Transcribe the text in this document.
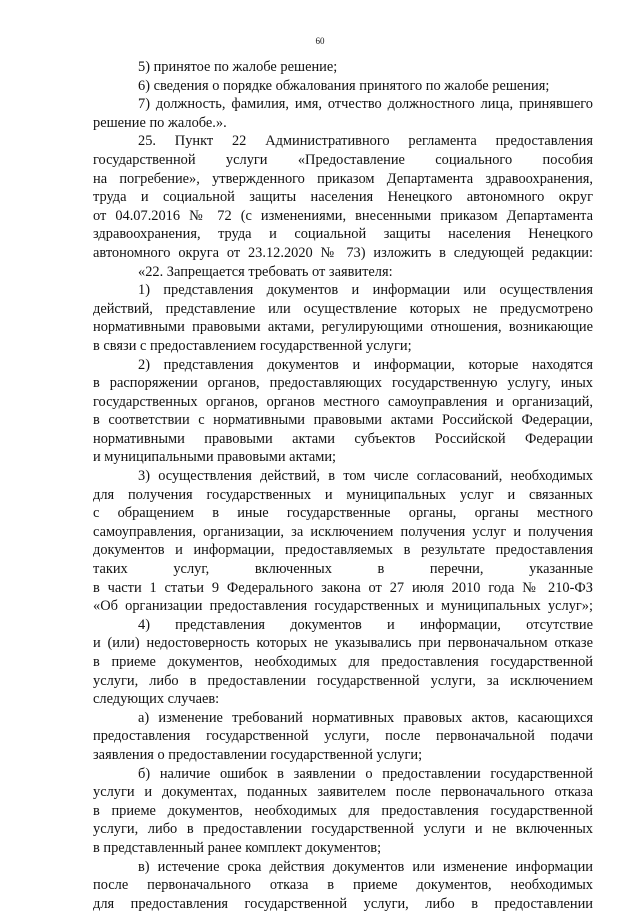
60
5) принятое по жалобе решение;
6) сведения о порядке обжалования принятого по жалобе решения;
7) должность, фамилия, имя, отчество должностного лица, принявшего
решение по жалобе.».
25. Пункт 22 Административного регламента предоставления
государственной услуги «Предоставление социального пособия
на погребение», утвержденного приказом Департамента здравоохранения,
труда и социальной защиты населения Ненецкого автономного округ
от 04.07.2016 № 72 (с изменениями, внесенными приказом Департамента
здравоохранения, труда и социальной защиты населения Ненецкого
автономного округа от 23.12.2020 № 73) изложить в следующей редакции:
«22. Запрещается требовать от заявителя:
1) представления документов и информации или осуществления
действий, представление или осуществление которых не предусмотрено
нормативными правовыми актами, регулирующими отношения, возникающие
в связи с предоставлением государственной услуги;
2) представления документов и информации, которые находятся
в распоряжении органов, предоставляющих государственную услугу, иных
государственных органов, органов местного самоуправления и организаций,
в соответствии с нормативными правовыми актами Российской Федерации,
нормативными правовыми актами субъектов Российской Федерации
и муниципальными правовыми актами;
3) осуществления действий, в том числе согласований, необходимых
для получения государственных и муниципальных услуг и связанных
с обращением в иные государственные органы, органы местного
самоуправления, организации, за исключением получения услуг и получения
документов и информации, предоставляемых в результате предоставления
таких услуг, включенных в перечни, указанные
в части 1 статьи 9 Федерального закона от 27 июля 2010 года № 210-ФЗ
«Об организации предоставления государственных и муниципальных услуг»;
4) представления документов и информации, отсутствие
и (или) недостоверность которых не указывались при первоначальном отказе
в приеме документов, необходимых для предоставления государственной
услуги, либо в предоставлении государственной услуги, за исключением
следующих случаев:
а) изменение требований нормативных правовых актов, касающихся
предоставления государственной услуги, после первоначальной подачи
заявления о предоставлении государственной услуги;
б) наличие ошибок в заявлении о предоставлении государственной
услуги и документах, поданных заявителем после первоначального отказа
в приеме документов, необходимых для предоставления государственной
услуги, либо в предоставлении государственной услуги и не включенных
в представленный ранее комплект документов;
в) истечение срока действия документов или изменение информации
после первоначального отказа в приеме документов, необходимых
для предоставления государственной услуги, либо в предоставлении
